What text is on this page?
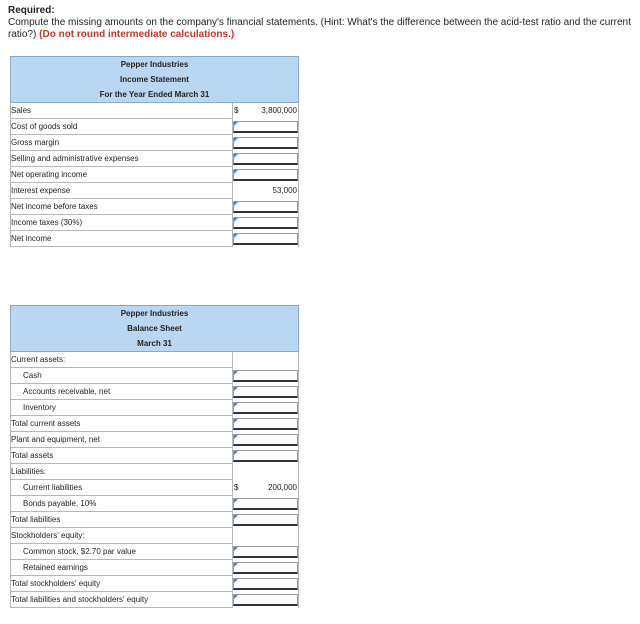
Required:
Compute the missing amounts on the company's financial statements. (Hint: What's the difference between the acid-test ratio and the current ratio?) (Do not round intermediate calculations.)
Pepper Industries	
Income Statement	
For the Year Ended March 31	
Sales	$ 3,800,000

Cost of goods sold	

Gross margin	

Selling and administrative expenses	

Net operating income	

Interest expense	53,000

Net income before taxes	

Income taxes (30%)	

Net income	
Pepper Industries	
Balance Sheet	
March 31	
Current assets:	
Cash	

Accounts receivable, net	

Inventory	

Total current assets	

Plant and equipment, net	

Total assets	

Liabilities:	
Current liabilities	$ 200,000

Bonds payable, 10%	

Total liabilities	

Stockholders' equity:	
Common stock, $2.70 par value	

Retained earnings	

Total stockholders' equity	

Total liabilities and stockholders' equity	
